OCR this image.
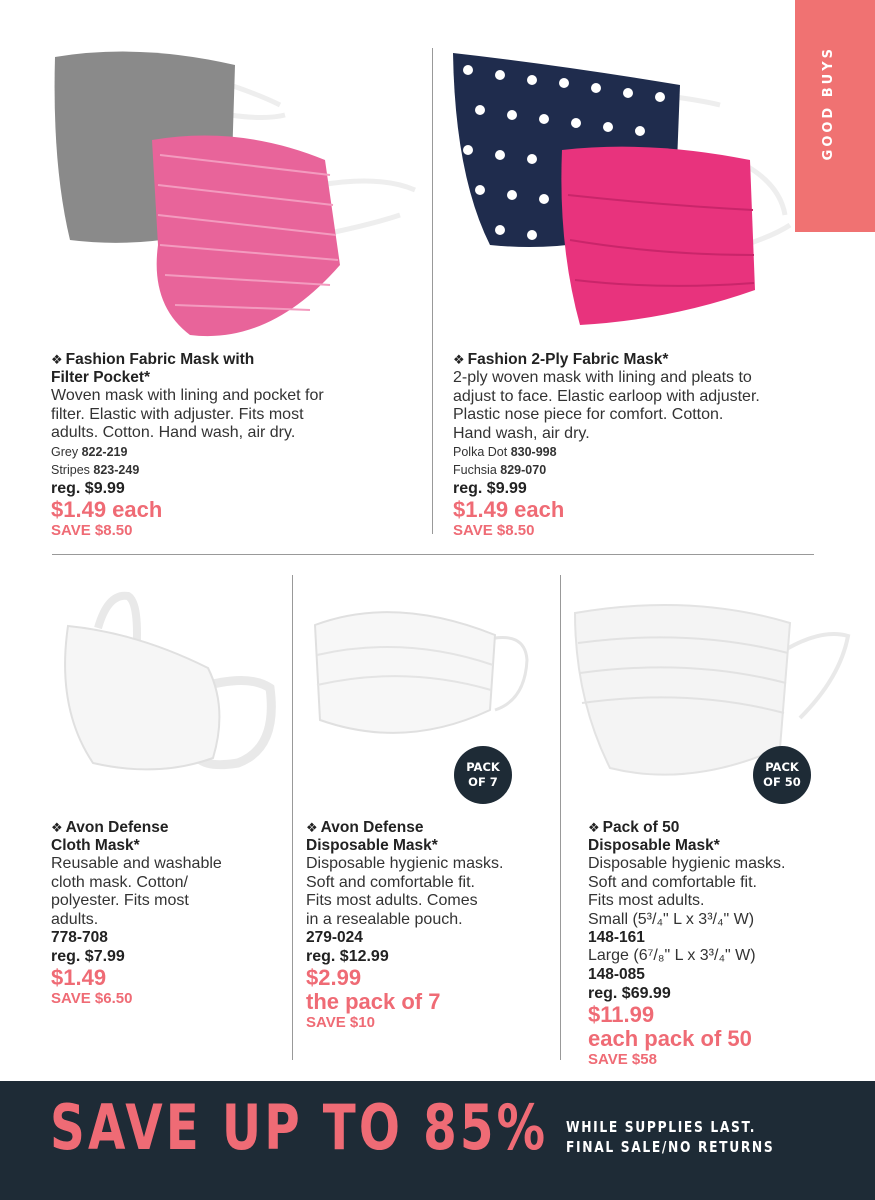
GOOD BUYS
PACK
OF 7
PACK
OF 50
❖ Fashion Fabric Mask with
Filter Pocket*
Woven mask with lining and pocket for
filter. Elastic with adjuster. Fits most
adults. Cotton. Hand wash, air dry.
Grey 822-219
Stripes 823-249
reg. $9.99
$1.49 each
SAVE $8.50
❖ Fashion 2-Ply Fabric Mask*
2-ply woven mask with lining and pleats to
adjust to face. Elastic earloop with adjuster.
Plastic nose piece for comfort. Cotton.
Hand wash, air dry.
Polka Dot 830-998
Fuchsia 829-070
reg. $9.99
$1.49 each
SAVE $8.50
❖ Avon Defense
Cloth Mask*
Reusable and washable
cloth mask. Cotton/
polyester. Fits most
adults.
778-708
reg. $7.99
$1.49
SAVE $6.50
❖ Avon Defense
Disposable Mask*
Disposable hygienic masks.
Soft and comfortable fit.
Fits most adults. Comes
in a resealable pouch.
279-024
reg. $12.99
$2.99
the pack of 7
SAVE $10
❖ Pack of 50
Disposable Mask*
Disposable hygienic masks.
Soft and comfortable fit.
Fits most adults.
Small (5³/₄" L x 3³/₄" W)
148-161
Large (6⁷/₈" L x 3³/₄" W)
148-085
reg. $69.99
$11.99
each pack of 50
SAVE $58
SAVE UP TO 85% WHILE SUPPLIES LAST.
FINAL SALE/NO RETURNS
